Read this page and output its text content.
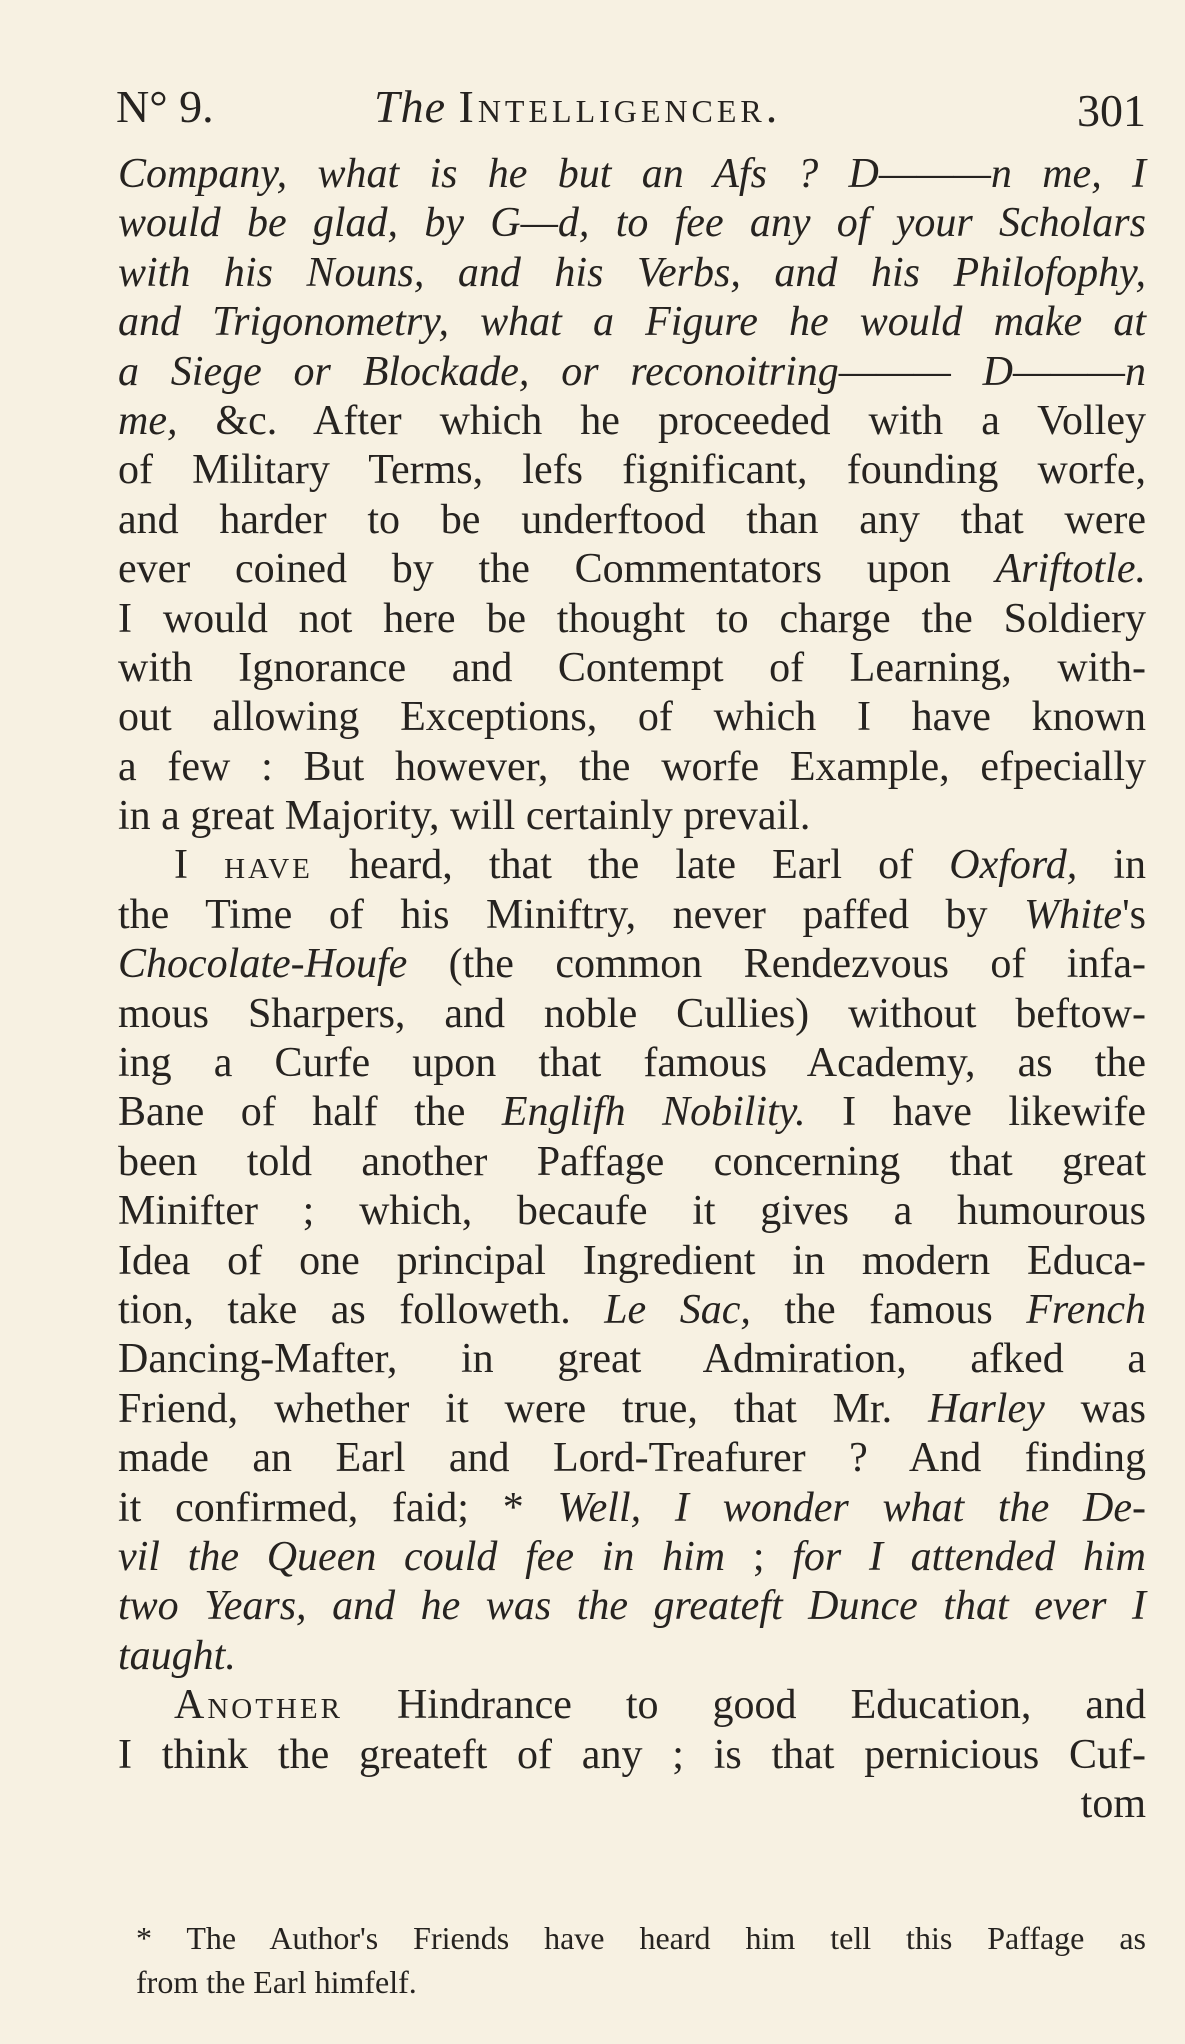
N° 9.	The Intelligencer.	301
Company, what is he but an Afs ? D———n me, I
would be glad, by G—d, to fee any of your Scholars
with his Nouns, and his Verbs, and his Philofophy,
and Trigonometry, what a Figure he would make at
a Siege or Blockade, or reconoitring——— D———n
me, &c. After which he proceeded with a Volley
of Military Terms, lefs fignificant, founding worfe,
and harder to be underftood than any that were
ever coined by the Commentators upon Ariftotle.
I would not here be thought to charge the Soldiery
with Ignorance and Contempt of Learning, with-
out allowing Exceptions, of which I have known
a few : But however, the worfe Example, efpecially
in a great Majority, will certainly prevail.
I have heard, that the late Earl of Oxford, in
the Time of his Miniftry, never paffed by White's
Chocolate-Houfe (the common Rendezvous of infa-
mous Sharpers, and noble Cullies) without beftow-
ing a Curfe upon that famous Academy, as the
Bane of half the Englifh Nobility. I have likewife
been told another Paffage concerning that great
Minifter ; which, becaufe it gives a humourous
Idea of one principal Ingredient in modern Educa-
tion, take as followeth. Le Sac, the famous French
Dancing-Mafter, in great Admiration, afked a
Friend, whether it were true, that Mr. Harley was
made an Earl and Lord-Treafurer ? And finding
it confirmed, faid; * Well, I wonder what the De-
vil the Queen could fee in him ; for I attended him
two Years, and he was the greateft Dunce that ever I
taught.
Another Hindrance to good Education, and
I think the greateft of any ; is that pernicious Cuf-
tom
* The Author's Friends have heard him tell this Paffage as
from the Earl himfelf.
